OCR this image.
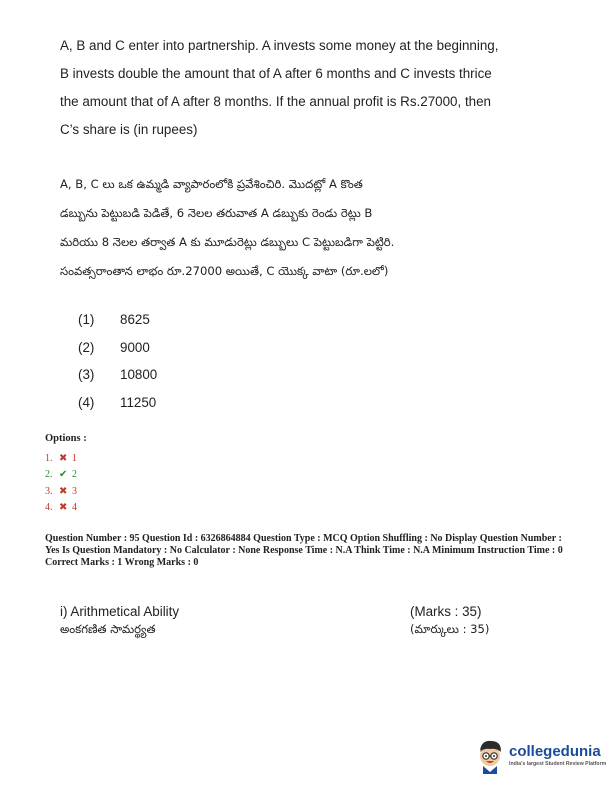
A, B and C enter into partnership. A invests some money at the beginning,
B invests double the amount that of A after 6 months and C invests thrice
the amount that of A after 8 months. If the annual profit is Rs.27000, then
C’s share is (in rupees)
A, B, C లు ఒక ఉమ్మడి వ్యాపారంలోకి ప్రవేశించిరి. మొదట్లో A కొంత
డబ్బును పెట్టుబడి పెడితే, 6 నెలల తరువాత A డబ్బుకు రెండు రెట్లు B
మరియు 8 నెలల తర్వాత A కు మూడురెట్లు డబ్బులు C పెట్టుబడిగా పెట్టిరి.
సంవత్సరాంతాన లాభం రూ.27000 అయితే, C యొక్క వాటా (రూ.లలో)
(1)	8625
(2)	9000
(3)	10800
(4)	11250
Options :
1. ✖ 1
2. ✔ 2
3. ✖ 3
4. ✖ 4
Question Number : 95 Question Id : 6326864884 Question Type : MCQ Option Shuffling : No Display Question Number : Yes Is Question Mandatory : No Calculator : None Response Time : N.A Think Time : N.A Minimum Instruction Time : 0
Correct Marks : 1 Wrong Marks : 0
i) Arithmetical Ability	(Marks : 35)
అంకగణిత సామర్థ్యత	(మార్కులు : 35)
collegedunia
India's largest Student Review Platform
